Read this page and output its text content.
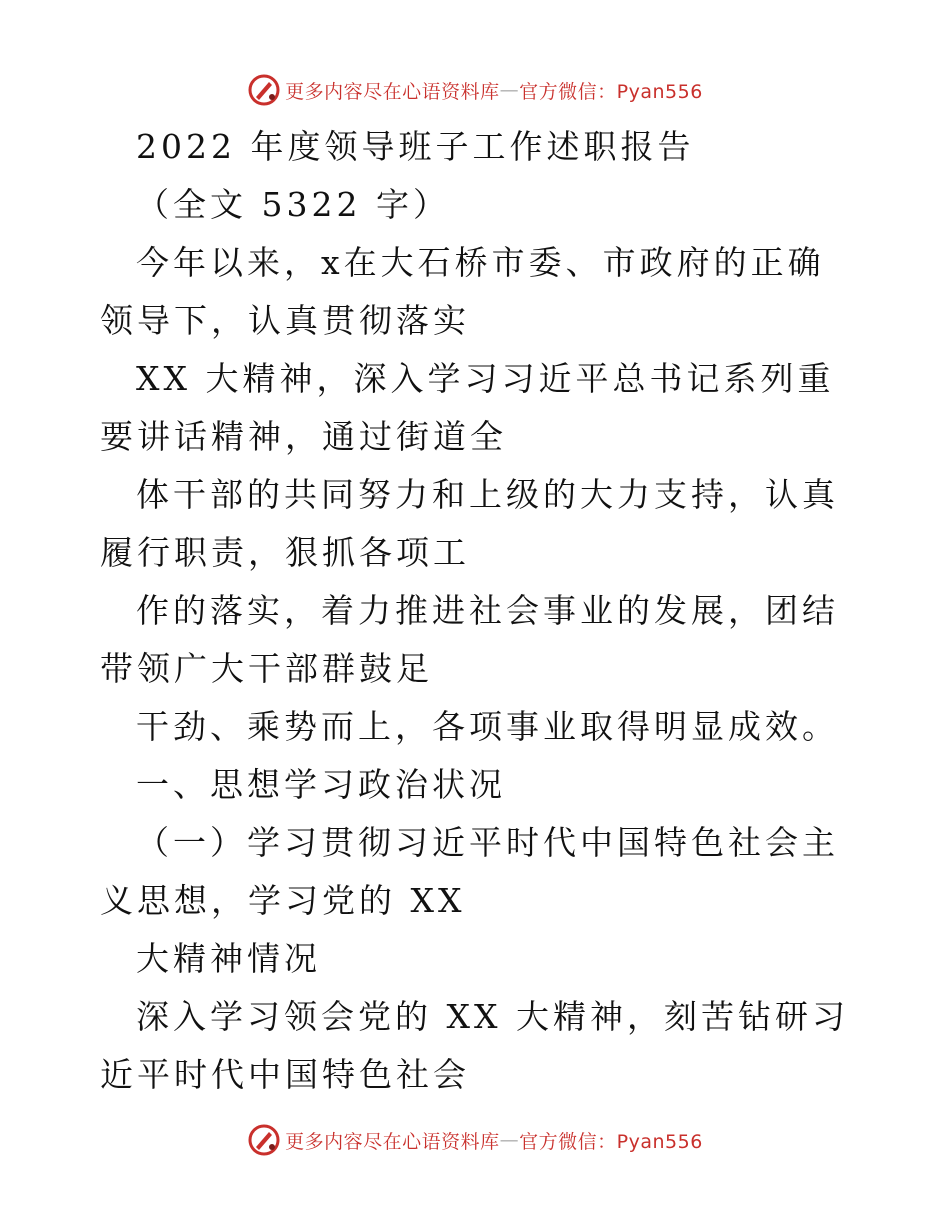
更多内容尽在心语资料库 — 官方微信：Pyan556

2022 年度领导班子工作述职报告

（全文 5322 字）

今年以来，x在大石桥市委、市政府的正确领导下，认真贯彻落实

XX 大精神，深入学习习近平总书记系列重要讲话精神，通过街道全

体干部的共同努力和上级的大力支持，认真履行职责，狠抓各项工

作的落实，着力推进社会事业的发展，团结带领广大干部群鼓足

干劲、乘势而上，各项事业取得明显成效。

一、思想学习政治状况

（一）学习贯彻习近平时代中国特色社会主义思想，学习党的 XX

大精神情况

深入学习领会党的 XX 大精神，刻苦钻研习近平时代中国特色社会

更多内容尽在心语资料库 — 官方微信：Pyan556
